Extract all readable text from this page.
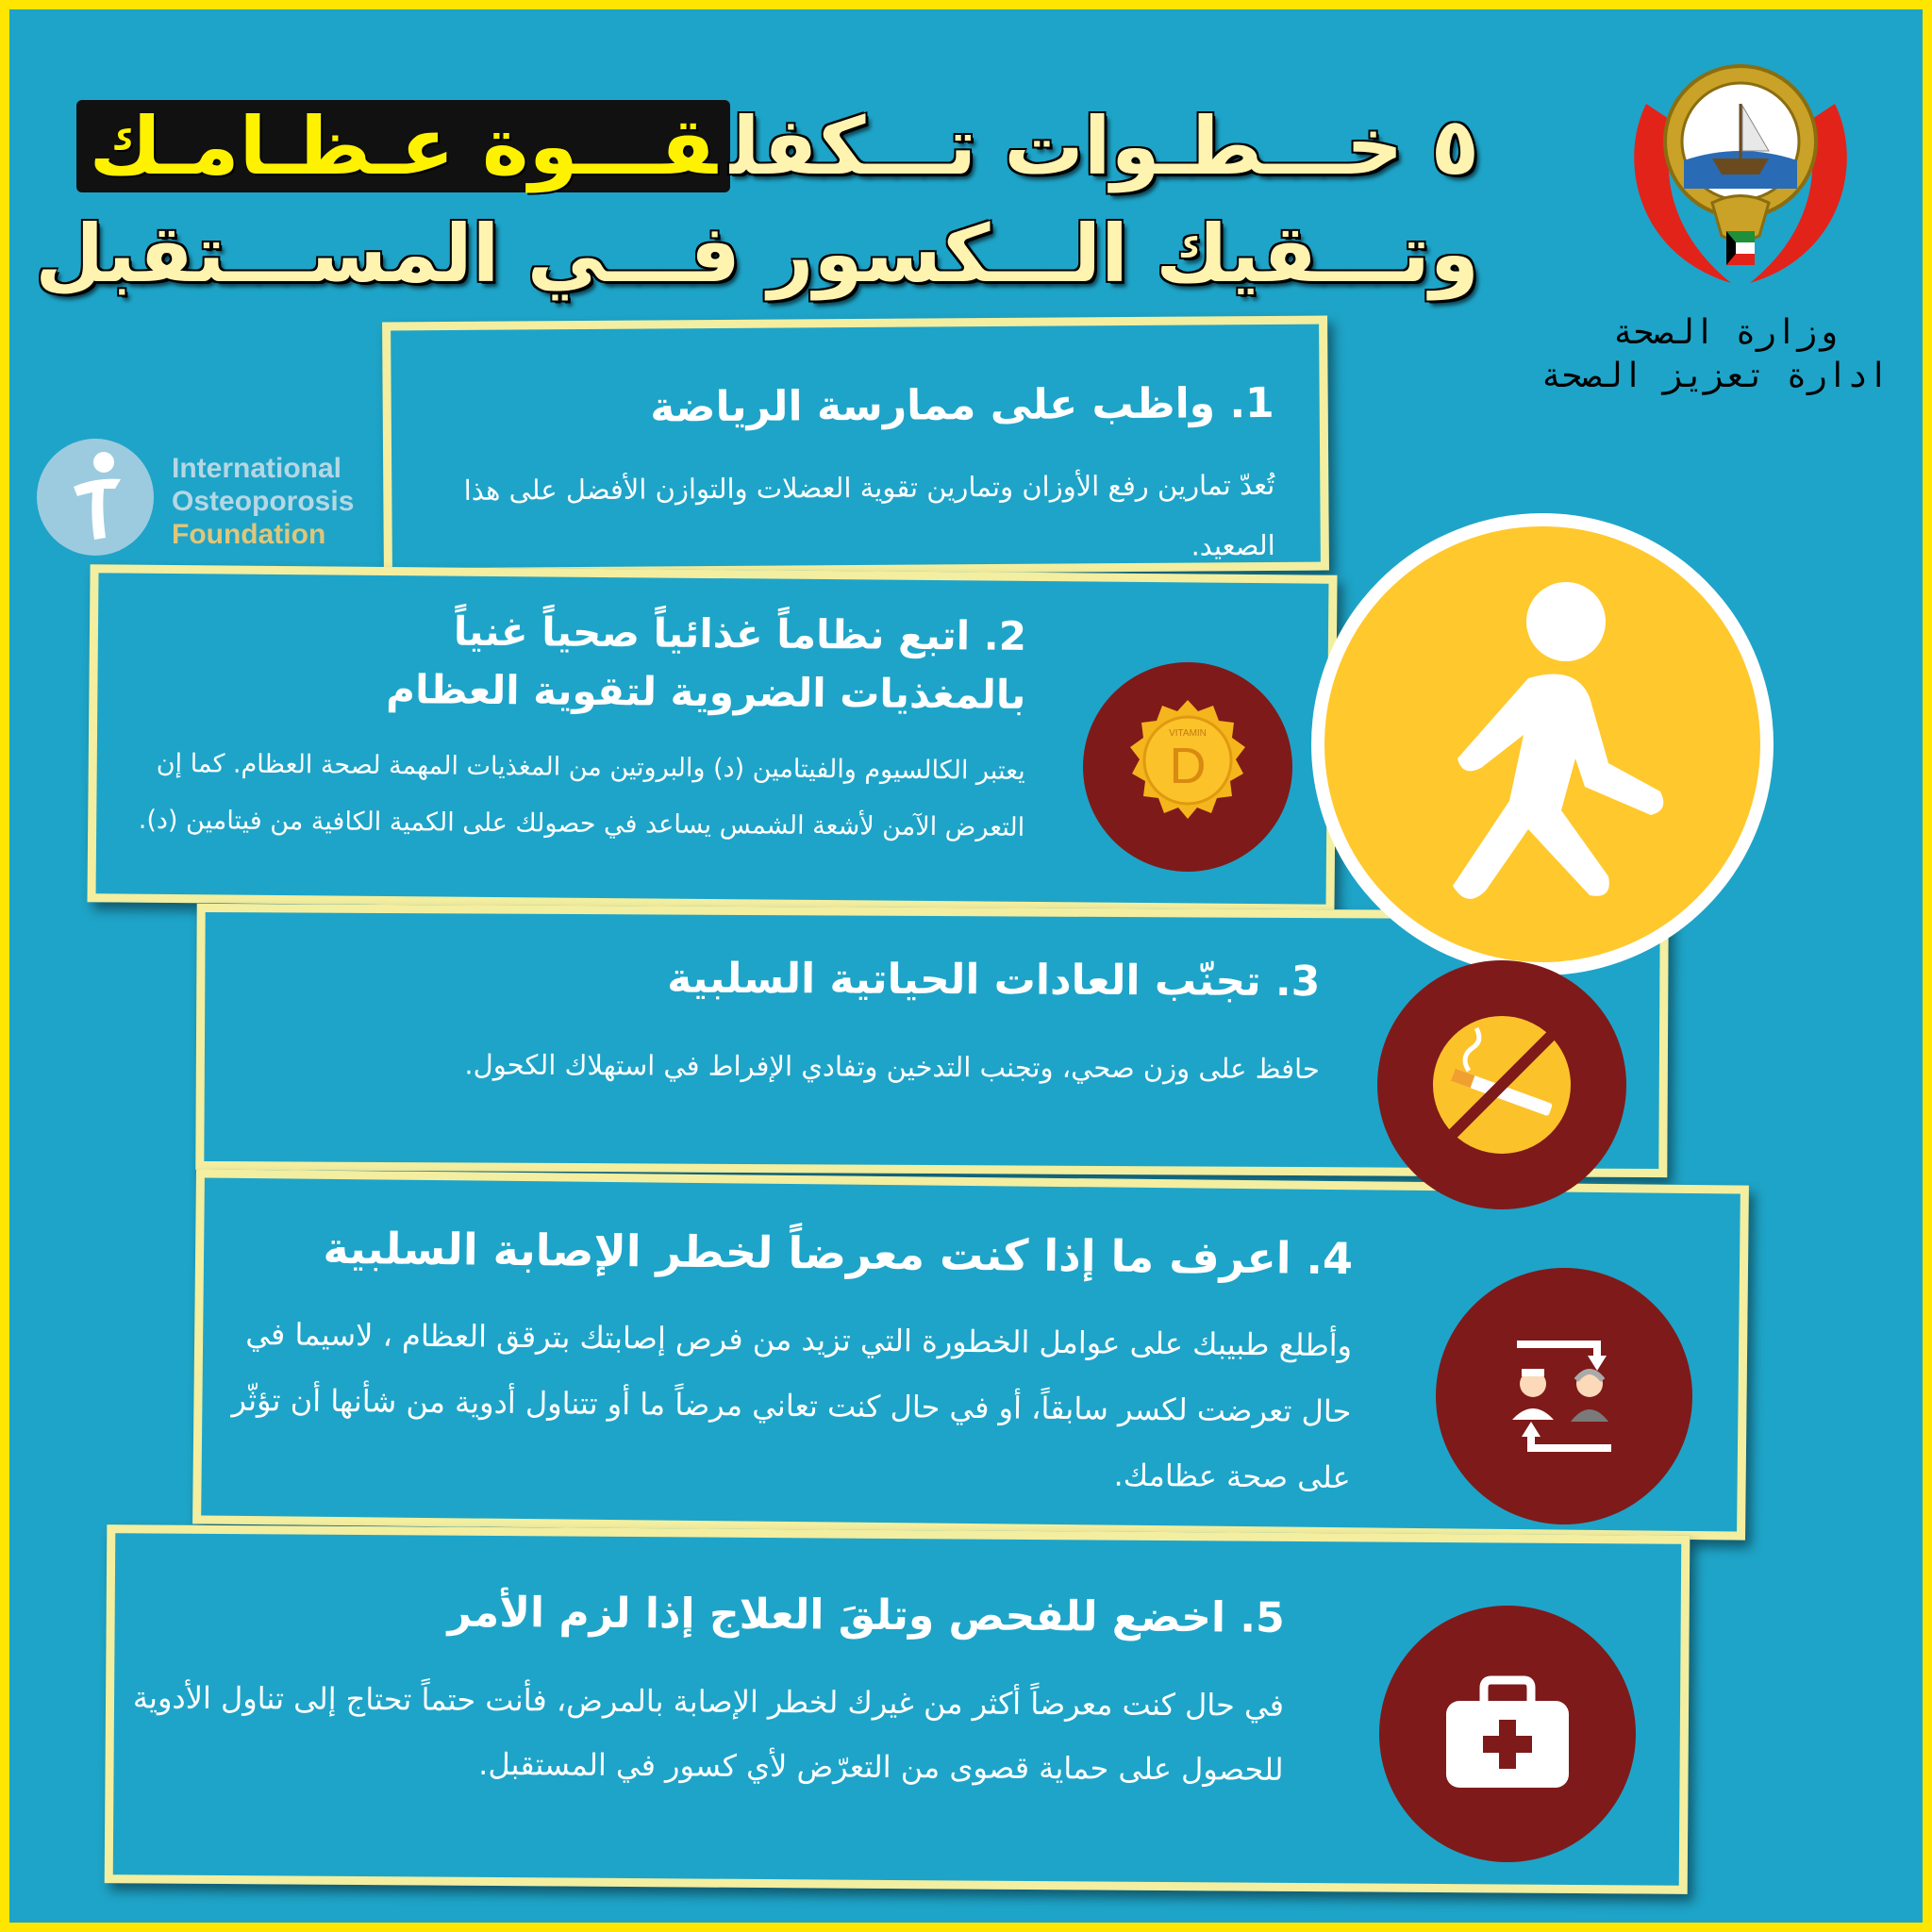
٥ خـــطـوات تـــكفلقـــوة عـظـامـك
وتـــقيك الـــكسور فـــي المســـتقبل

وزارة الصحة

ادارة تعزيز الصحة

International

Osteoporosis

Foundation

1. واظب على ممارسة الرياضة

تُعدّ تمارين رفع الأوزان وتمارين تقوية العضلات والتوازن الأفضل على هذا الصعيد.

2. اتبع نظاماً غذائياً صحياً غنياً بالمغذيات الضروية لتقوية العظام

يعتبر الكالسيوم والفيتامين (د) والبروتين من المغذيات المهمة لصحة العظام. كما إن التعرض الآمن لأشعة الشمس يساعد في حصولك على الكمية الكافية من فيتامين (د).

3. تجنّب العادات الحياتية السلبية

حافظ على وزن صحي، وتجنب التدخين وتفادي الإفراط في استهلاك الكحول.

4. اعرف ما إذا كنت معرضاً لخطر الإصابة السلبية

وأطلع طبيبك على عوامل الخطورة التي تزيد من فرص إصابتك بترقق العظام ، لاسيما في حال تعرضت لكسر سابقاً، أو في حال كنت تعاني مرضاً ما أو تتناول أدوية من شأنها أن تؤثّر على صحة عظامك.

5. اخضع للفحص وتلقَ العلاج إذا لزم الأمر

في حال كنت معرضاً أكثر من غيرك لخطر الإصابة بالمرض، فأنت حتماً تحتاج إلى تناول الأدوية للحصول على حماية قصوى من التعرّض لأي كسور في المستقبل.

VITAMIN
D
